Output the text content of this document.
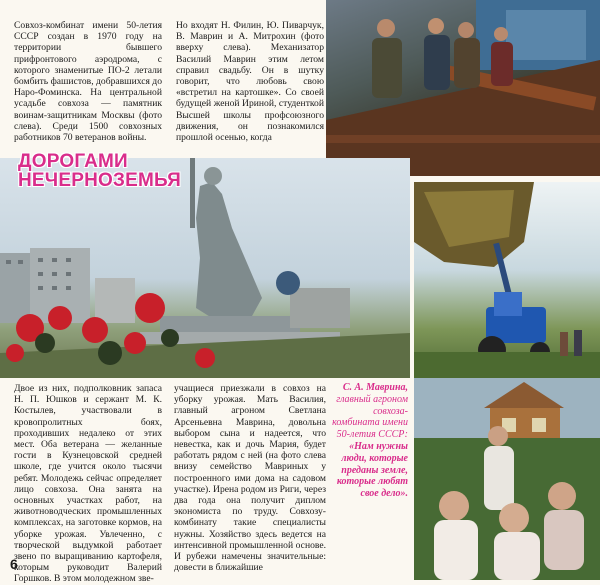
ДОРОГАМИ
НЕЧЕРНОЗЕМЬЯ

Совхоз-комбинат имени 50-летия СССР создан в 1970 году на территории бывшего прифронтового аэродрома, с которого знаменитые ПО-2 летали бомбить фашистов, добравшихся до Наро-Фоминска. На центральной усадьбе совхоза — памятник воинам-защитникам Москвы (фото слева). Среди 1500 совхозных работников 70 ветеранов войны.

Но входят Н. Филин, Ю. Пиварчук, В. Маврин и А. Митрохин (фото вверху слева). Механизатор Василий Маврин этим летом справил свадьбу. Он в шутку говорит, что любовь свою «встретил на картошке». Со своей будущей женой Ириной, студенткой Высшей школы профсоюзного движения, он познакомился прошлой осенью, когда

Двое из них, подполковник запаса Н. П. Юшков и сержант М. К. Костылев, участвовали в кровопролитных боях, проходивших недалеко от этих мест. Оба ветерана — желанные гости в Кузнецовской средней школе, где учится около тысячи ребят. Молодежь сейчас определяет лицо совхоза. Она занята на основных участках работ, на животноводческих промышленных комплексах, на заготовке кормов, на уборке урожая. Увлеченно, с творческой выдумкой работает звено по выращиванию картофеля, которым руководит Валерий Горшков. В этом молодежном зве-

учащиеся приезжали в совхоз на уборку урожая. Мать Василия, главный агроном Светлана Арсеньевна Маврина, довольна выбором сына и надеется, что невестка, как и дочь Мария, будет работать рядом с ней (на фото слева внизу семейство Мавриных у построенного ими дома на садовом участке). Ирена родом из Риги, через два года она получит диплом экономиста по труду. Совхозу-комбинату такие специалисты нужны. Хозяйство здесь ведется на интенсивной промышленной основе. И рубежи намечены значительные: довести в ближайшие

С. А. Маврина,
главный агроном совхоза-комбината имени 50-летия СССР:
«Нам нужны люди, которые преданы земле, которые любят свое дело».
6
